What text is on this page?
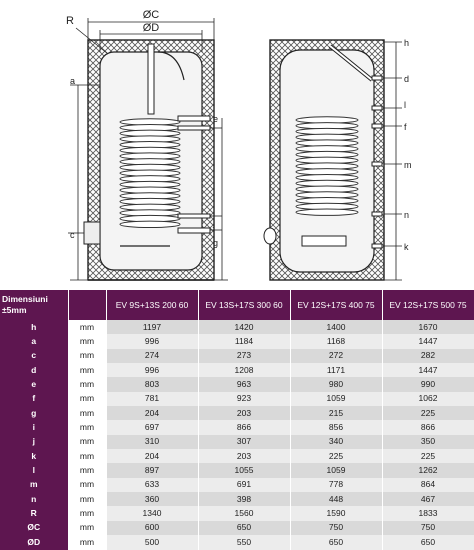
ØC
ØD
R
a
c
e
i
j
g
h
d
l
f
m
n
k
Dimensiuni ±5mm		EV 9S+13S 200 60	EV 13S+17S 300 60	EV 12S+17S 400 75	EV 12S+17S 500 75
h	mm	1197	1420	1400	1670
a	mm	996	1184	1168	1447
c	mm	274	273	272	282
d	mm	996	1208	1171	1447
e	mm	803	963	980	990
f	mm	781	923	1059	1062
g	mm	204	203	215	225
i	mm	697	866	856	866
j	mm	310	307	340	350
k	mm	204	203	225	225
l	mm	897	1055	1059	1262
m	mm	633	691	778	864
n	mm	360	398	448	467
R	mm	1340	1560	1590	1833
ØC	mm	600	650	750	750
ØD	mm	500	550	650	650
